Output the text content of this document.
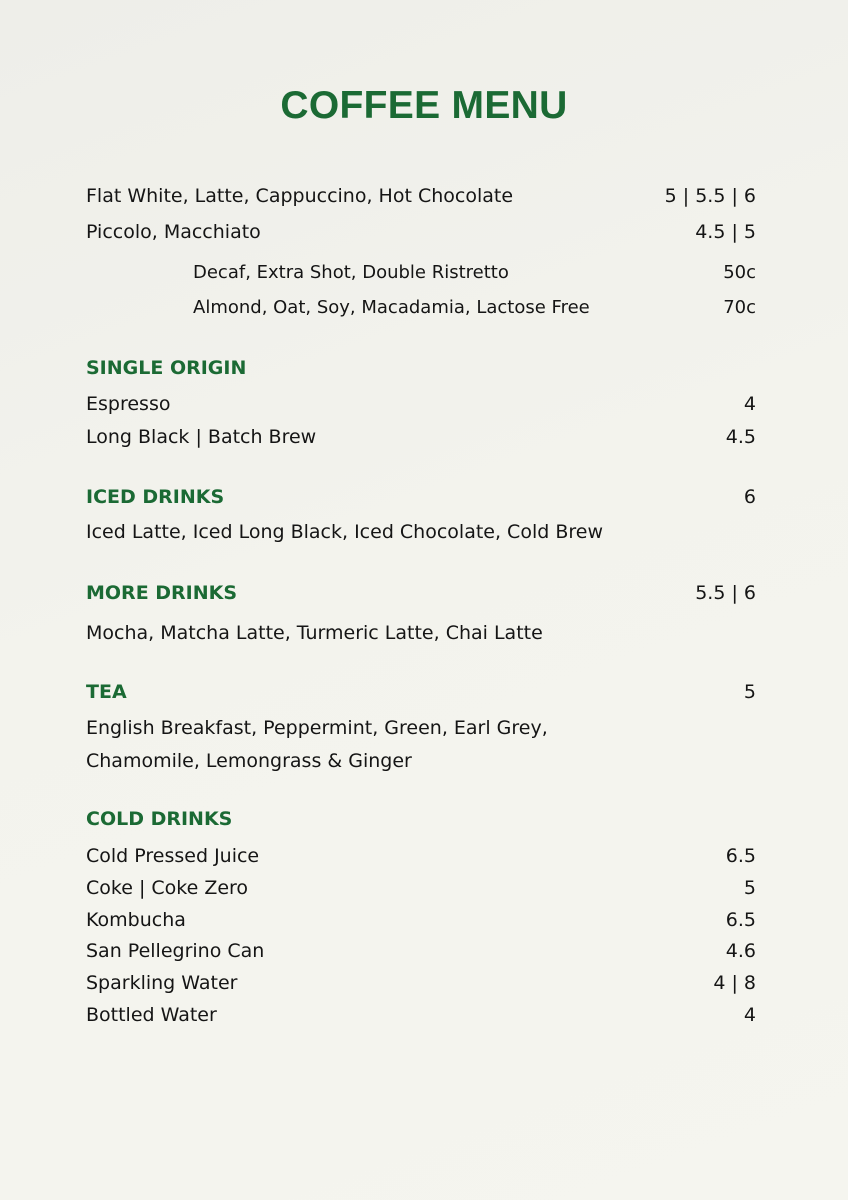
COFFEE MENU
Flat White, Latte, Cappuccino, Hot Chocolate	5 | 5.5 | 6
Piccolo, Macchiato	4.5 | 5
Decaf, Extra Shot, Double Ristretto	50c
Almond, Oat, Soy, Macadamia, Lactose Free	70c
SINGLE ORIGIN
Espresso	4
Long Black | Batch Brew	4.5
ICED DRINKS	6
Iced Latte, Iced Long Black, Iced Chocolate, Cold Brew
MORE DRINKS	5.5 | 6
Mocha, Matcha Latte, Turmeric Latte, Chai Latte
TEA	5
English Breakfast, Peppermint, Green, Earl Grey,
Chamomile, Lemongrass & Ginger
COLD DRINKS
Cold Pressed Juice	6.5
Coke | Coke Zero	5
Kombucha	6.5
San Pellegrino Can	4.6
Sparkling Water	4 | 8
Bottled Water	4
